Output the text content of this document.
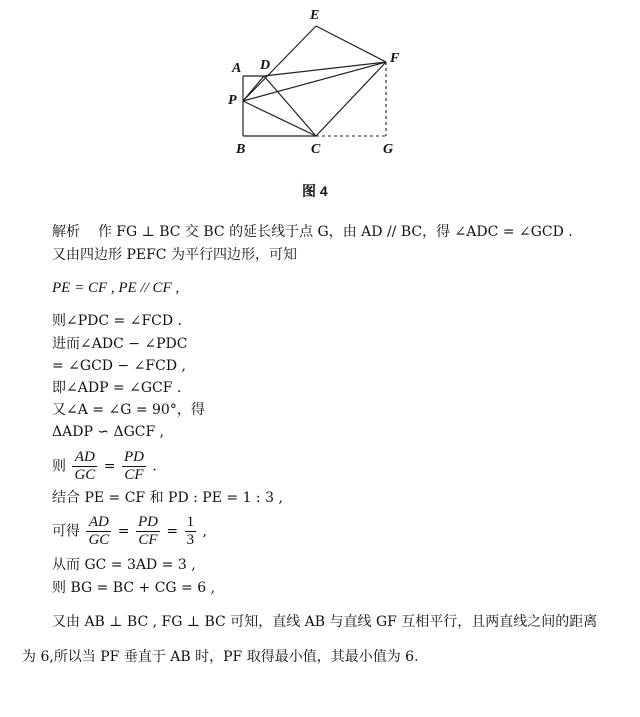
E
A D	F
P
B	C	G
图 4
解析 作 FG ⊥ BC 交 BC 的延长线于点 G，由 AD // BC，得 ∠ADC = ∠GCD .
又由四边形 PEFC 为平行四边形，可知
PE = CF , PE // CF ,
则∠PDC = ∠FCD .
进而∠ADC − ∠PDC
= ∠GCD − ∠FCD ,
即∠ADP = ∠GCF .
又∠A = ∠G = 90°，得
ΔADP ∽ ΔGCF ,
则 $\frac{AD}{GC} = \frac{PD}{CF}$ .
结合 PE = CF 和 PD : PE = 1 : 3 ,
可得 $\frac{AD}{GC} = \frac{PD}{CF} = \frac{1}{3}$ ,
从而 GC = 3AD = 3 ,
则 BG = BC + CG = 6 ,
又由 AB ⊥ BC , FG ⊥ BC 可知，直线 AB 与直线 GF 互相平行，且两直线之间的距离
为 6,所以当 PF 垂直于 AB 时，PF 取得最小值，其最小值为 6.
